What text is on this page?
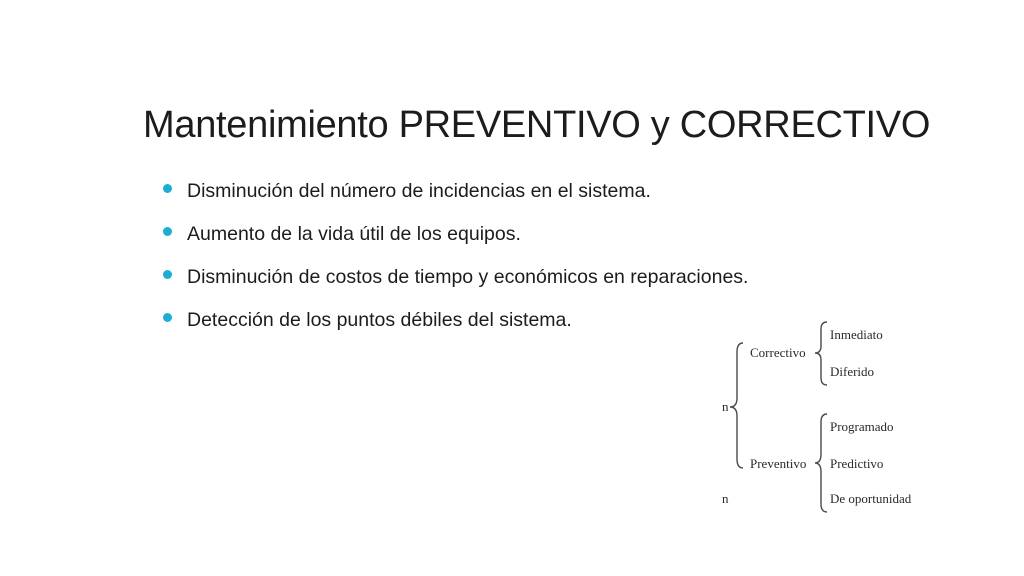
Mantenimiento PREVENTIVO y CORRECTIVO
Disminución del número de incidencias en el sistema.
Aumento de la vida útil de los equipos.
Disminución de costos de tiempo y económicos en reparaciones.
Detección de los puntos débiles del sistema.
n
n
Correctivo
Preventivo
Inmediato
Diferido
Programado
Predictivo
De oportunidad
